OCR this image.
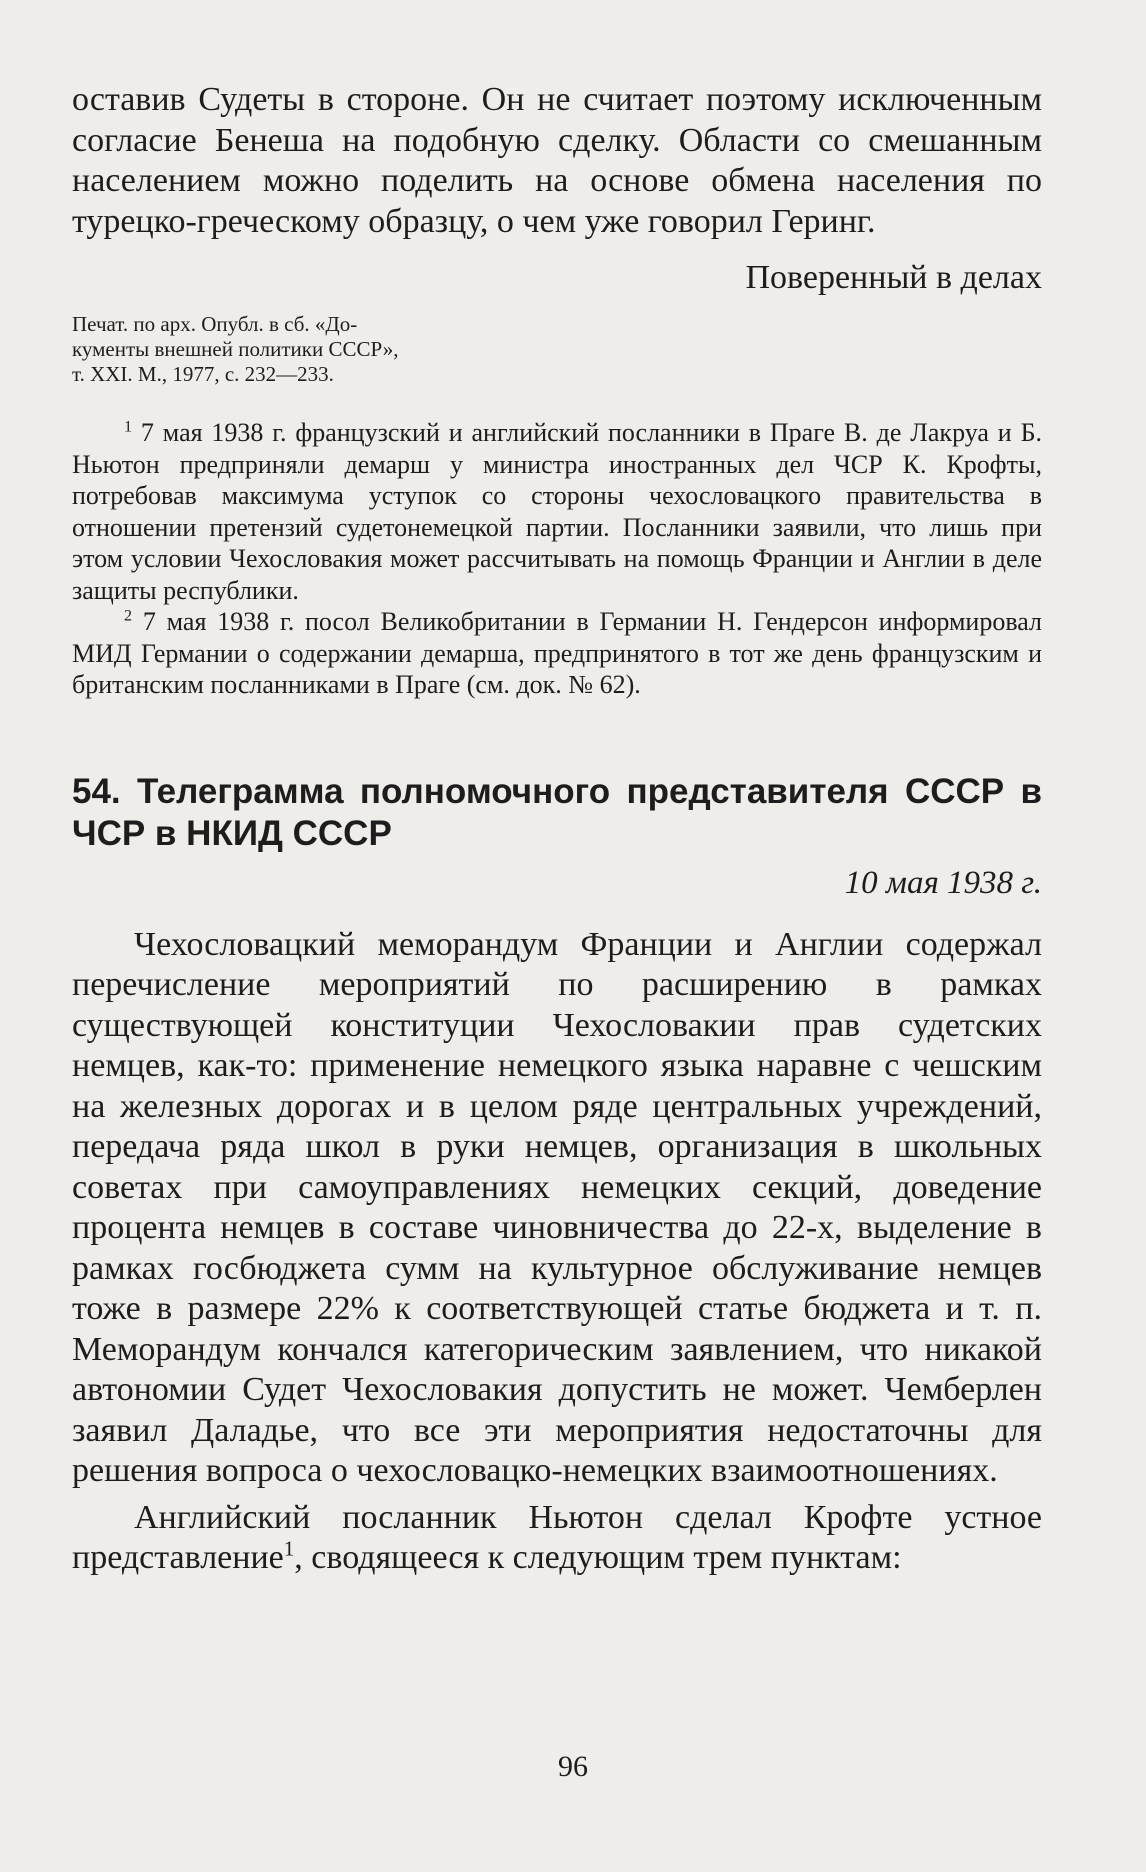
оставив Судеты в стороне. Он не считает поэтому исключенным согласие Бенеша на подобную сделку. Области со смешанным населением можно поделить на основе обмена населения по турецко-греческому образцу, о чем уже говорил Геринг.

Поверенный в делах

Печат. по арх. Опубл. в сб. «До-
кументы внешней политики СССР»,
т. XXI. М., 1977, с. 232—233.

$^1$ 7 мая 1938 г. французский и английский посланники в Праге В. де Лакруа и Б. Ньютон предприняли демарш у министра иностранных дел ЧСР К. Крофты, потребовав максимума уступок со стороны чехословацкого правительства в отношении претензий судетонемецкой партии. Посланники заявили, что лишь при этом условии Чехословакия может рассчитывать на помощь Франции и Англии в деле защиты республики.

$^2$ 7 мая 1938 г. посол Великобритании в Германии Н. Гендерсон информировал МИД Германии о содержании демарша, предпринятого в тот же день французским и британским посланниками в Праге (см. док. № 62).

54. Телеграмма полномочного представителя СССР в ЧСР в НКИД СССР
10 мая 1938 г.

Чехословацкий меморандум Франции и Англии содержал перечисление мероприятий по расширению в рамках существующей конституции Чехословакии прав судетских немцев, как-то: применение немецкого языка наравне с чешским на железных дорогах и в целом ряде центральных учреждений, передача ряда школ в руки немцев, организация в школьных советах при самоуправлениях немецких секций, доведение процента немцев в составе чиновничества до 22-х, выделение в рамках госбюджета сумм на культурное обслуживание немцев тоже в размере 22% к соответствующей статье бюджета и т. п. Меморандум кончался категорическим заявлением, что никакой автономии Судет Чехословакия допустить не может. Чемберлен заявил Даладье, что все эти мероприятия недостаточны для решения вопроса о чехословацко-немецких взаимоотношениях.

Английский посланник Ньютон сделал Крофте устное представление$^1$, сводящееся к следующим трем пунктам:

96
